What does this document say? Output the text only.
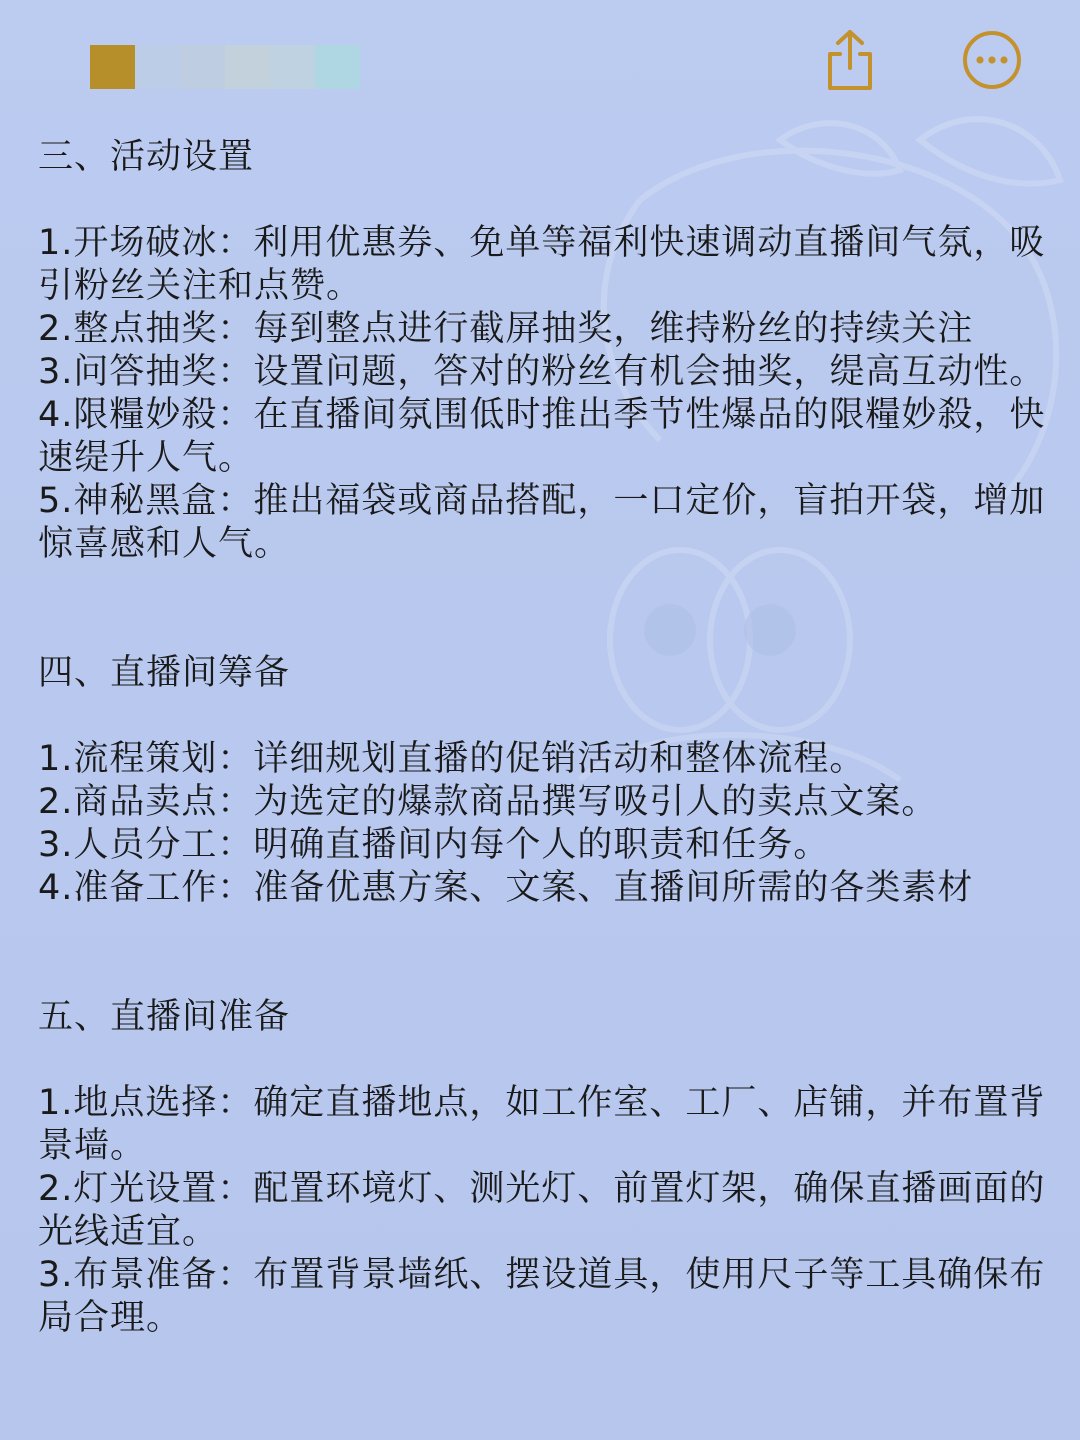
三、活动设置

1.开场破冰：利用优惠券、免单等福利快速调动直播间气氛，吸引粉丝关注和点赞。

2.整点抽奖：每到整点进行截屏抽奖，维持粉丝的持续关注

3.问答抽奖：设置问题，答对的粉丝有机会抽奖，缇高互动性。

4.限糧妙殺：在直播间氛围低时推出季节性爆品的限糧妙殺，快速缇升人气。

5.神秘黑盒：推出福袋或商品搭配，一口定价，盲拍开袋，增加惊喜感和人气。

四、直播间筹备

1.流程策划：详细规划直播的促销活动和整体流程。

2.商品卖点：为选定的爆款商品撰写吸引人的卖点文案。

3.人员分工：明确直播间内每个人的职责和任务。

4.准备工作：准备优惠方案、文案、直播间所需的各类素材

五、直播间准备

1.地点选择：确定直播地点，如工作室、工厂、店铺，并布置背景墙。

2.灯光设置：配置环境灯、测光灯、前置灯架，确保直播画面的光线适宜。

3.布景准备：布置背景墙纸、摆设道具，使用尺子等工具确保布局合理。
